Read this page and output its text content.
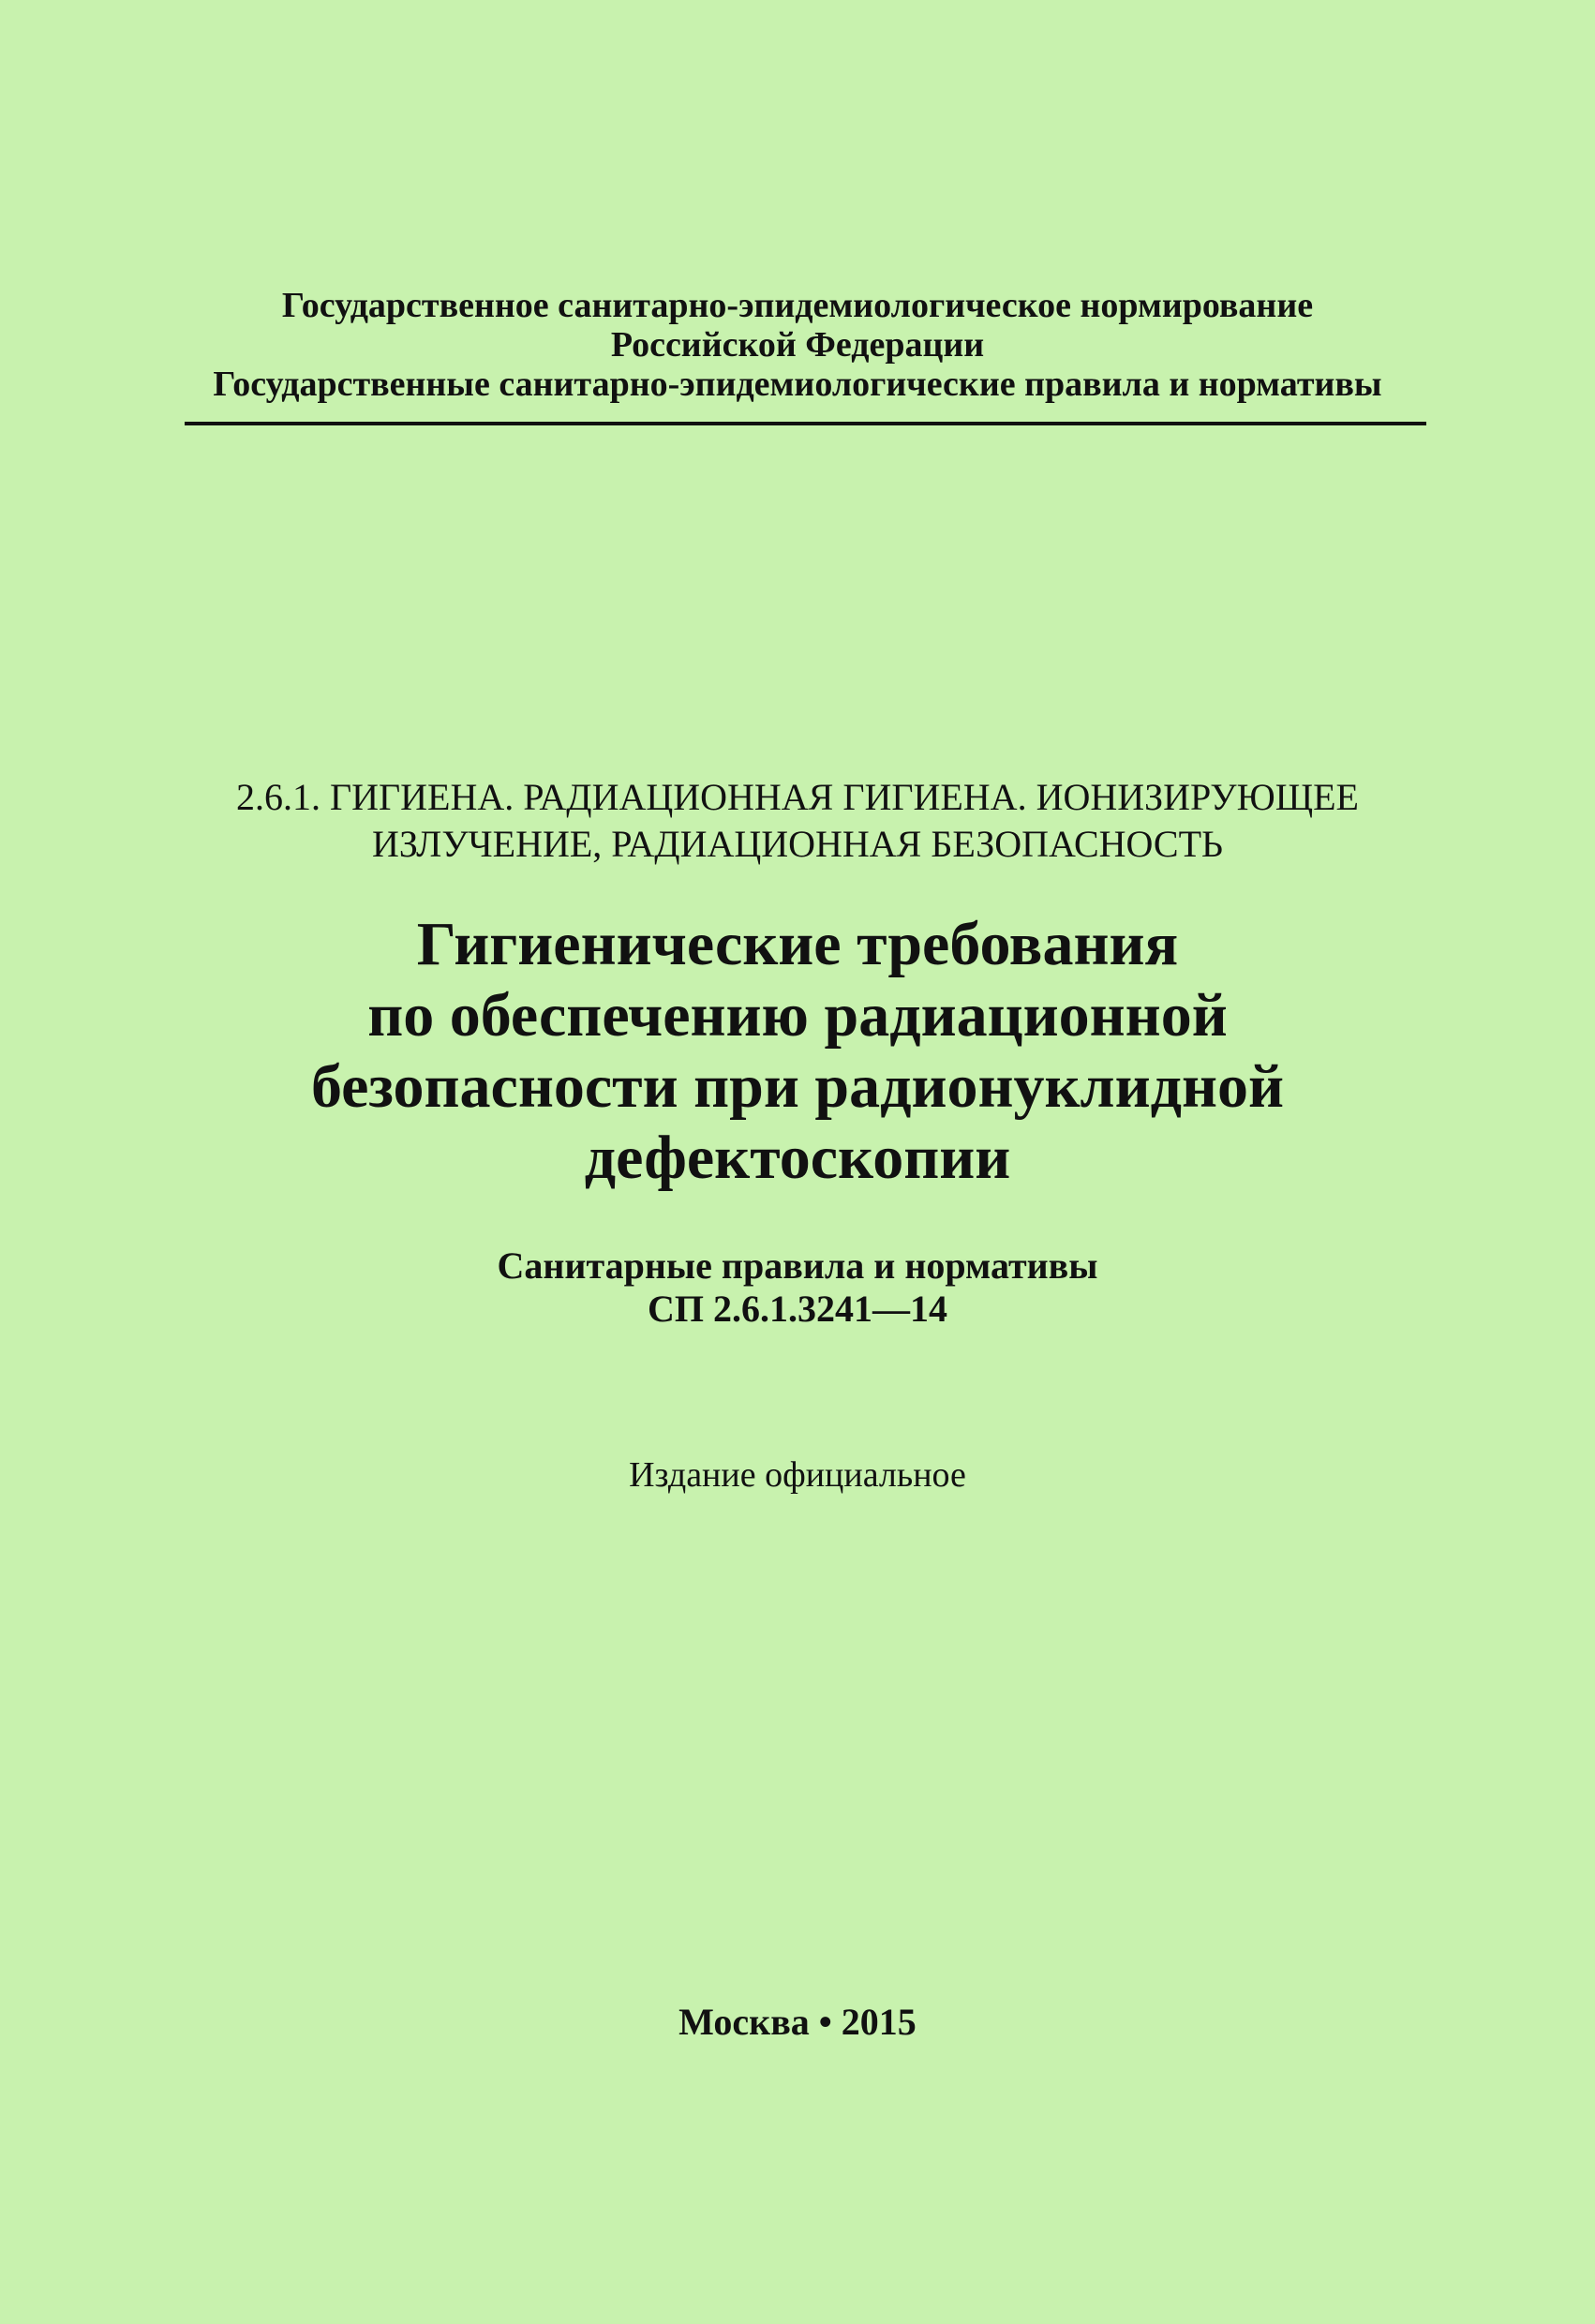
Государственное санитарно-эпидемиологическое нормирование
Российской Федерации
Государственные санитарно-эпидемиологические правила и нормативы
2.6.1. ГИГИЕНА. РАДИАЦИОННАЯ ГИГИЕНА. ИОНИЗИРУЮЩЕЕ
ИЗЛУЧЕНИЕ, РАДИАЦИОННАЯ БЕЗОПАСНОСТЬ
Гигиенические требования
по обеспечению радиационной
безопасности при радионуклидной
дефектоскопии
Санитарные правила и нормативы
СП 2.6.1.3241—14
Издание официальное
Москва • 2015
